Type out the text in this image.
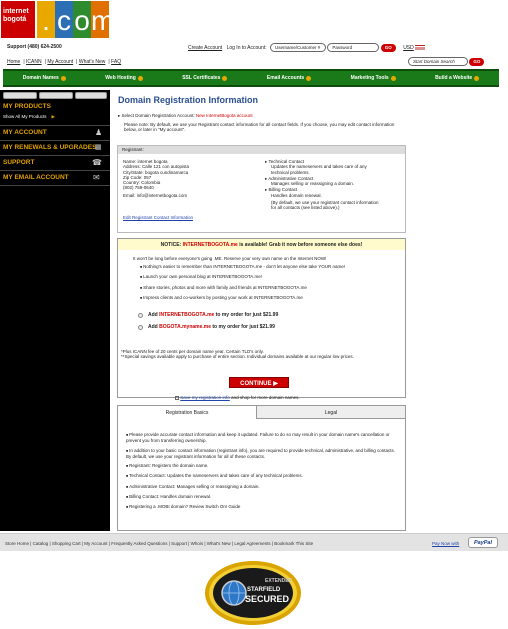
internet
bogotá . c o m
Support (480) 624-2500
Home | ICANN | My Account | What's New | FAQ
Create Account Log In to Account: Username/Customer #	Password	GO USD
Start Domain Search	GO
Domain Names	Web Hosting	SSL Certificates	Email Accounts	Marketing Tools	Build a Website
MY PRODUCTS
Show All My Products ▶
MY ACCOUNT	♟
MY RENEWALS & UPGRADES
▦
SUPPORT	☎
MY EMAIL ACCOUNT	✉
Domain Registration Information
▸ Select Domain Registration Account: New InternetBogota account
Please note: By default, we use your Registrant contact information for all contact fields. If you choose, you may edit contact information below, or later in "My account".
Registrant:
Name: internet bogota
Address: Calle 121 con autopista
City/State: bogota cundinamarca
Zip Code: 057
Country: Colombia
(802) 759-0640
Email: info@internetbogota.com
Edit Registrant Contact Information
▸ Technical Contact
Updates the nameservers and takes care of any technical problems.
▸ Administrative Contact
Manages selling or reassigning a domain.
▸ Billing Contact
Handles domain renewal.
(By default, we use your registrant contact information for all contacts (see listed above).)
NOTICE: INTERNETBOGOTA.me is available! Grab it now before someone else does!
It won't be long before everyone's going .ME. Reserve your very own name on the Internet NOW!
■ Nothing's easier to remember than INTERNETBOGOTA.me - don't let anyone else take YOUR name!
■ Launch your own personal blog at INTERNETBOGOTA.me!
■ Share stories, photos and more with family and friends at INTERNETBOGOTA.me
■ Impress clients and co-workers by posting your work at INTERNETBOGOTA.me
Add INTERNETBOGOTA.me to my order for just $21.99
Add BOGOTA.myname.me to my order for just $21.99
*Plus ICANN fee of 20 cents per domain name year. Certain TLD's only.
**Special savings available apply to purchase of entire section. Individual domains available at our regular low prices.
CONTINUE ▶
Save my registration info and shop for more domain names.
Registration Basics	Legal
■ Please provide accurate contact information and keep it updated. Failure to do so may result in your domain name's cancellation or prevent you from transferring ownership.
■ In addition to your basic contact information (registrant info), you are required to provide technical, administrative, and billing contacts. By default, we use your registrant information for all of these contacts.
■ Registrant: Registers the domain name.
■ Technical Contact: Updates the nameservers and takes care of any technical problems.
■ Administrative Contact: Manages selling or reassigning a domain.
■ Billing Contact: Handles domain renewal.
■ Registering a .MOBI domain? Review Switch On! Guide
Store Home | Catalog | Shopping Cart | My Account | Frequently Asked Questions | Support | Whois | What's New | Legal Agreements | Bookmark This Site	Pay Now with	PayPal
EXTENDED
STARFIELD
SECURED
